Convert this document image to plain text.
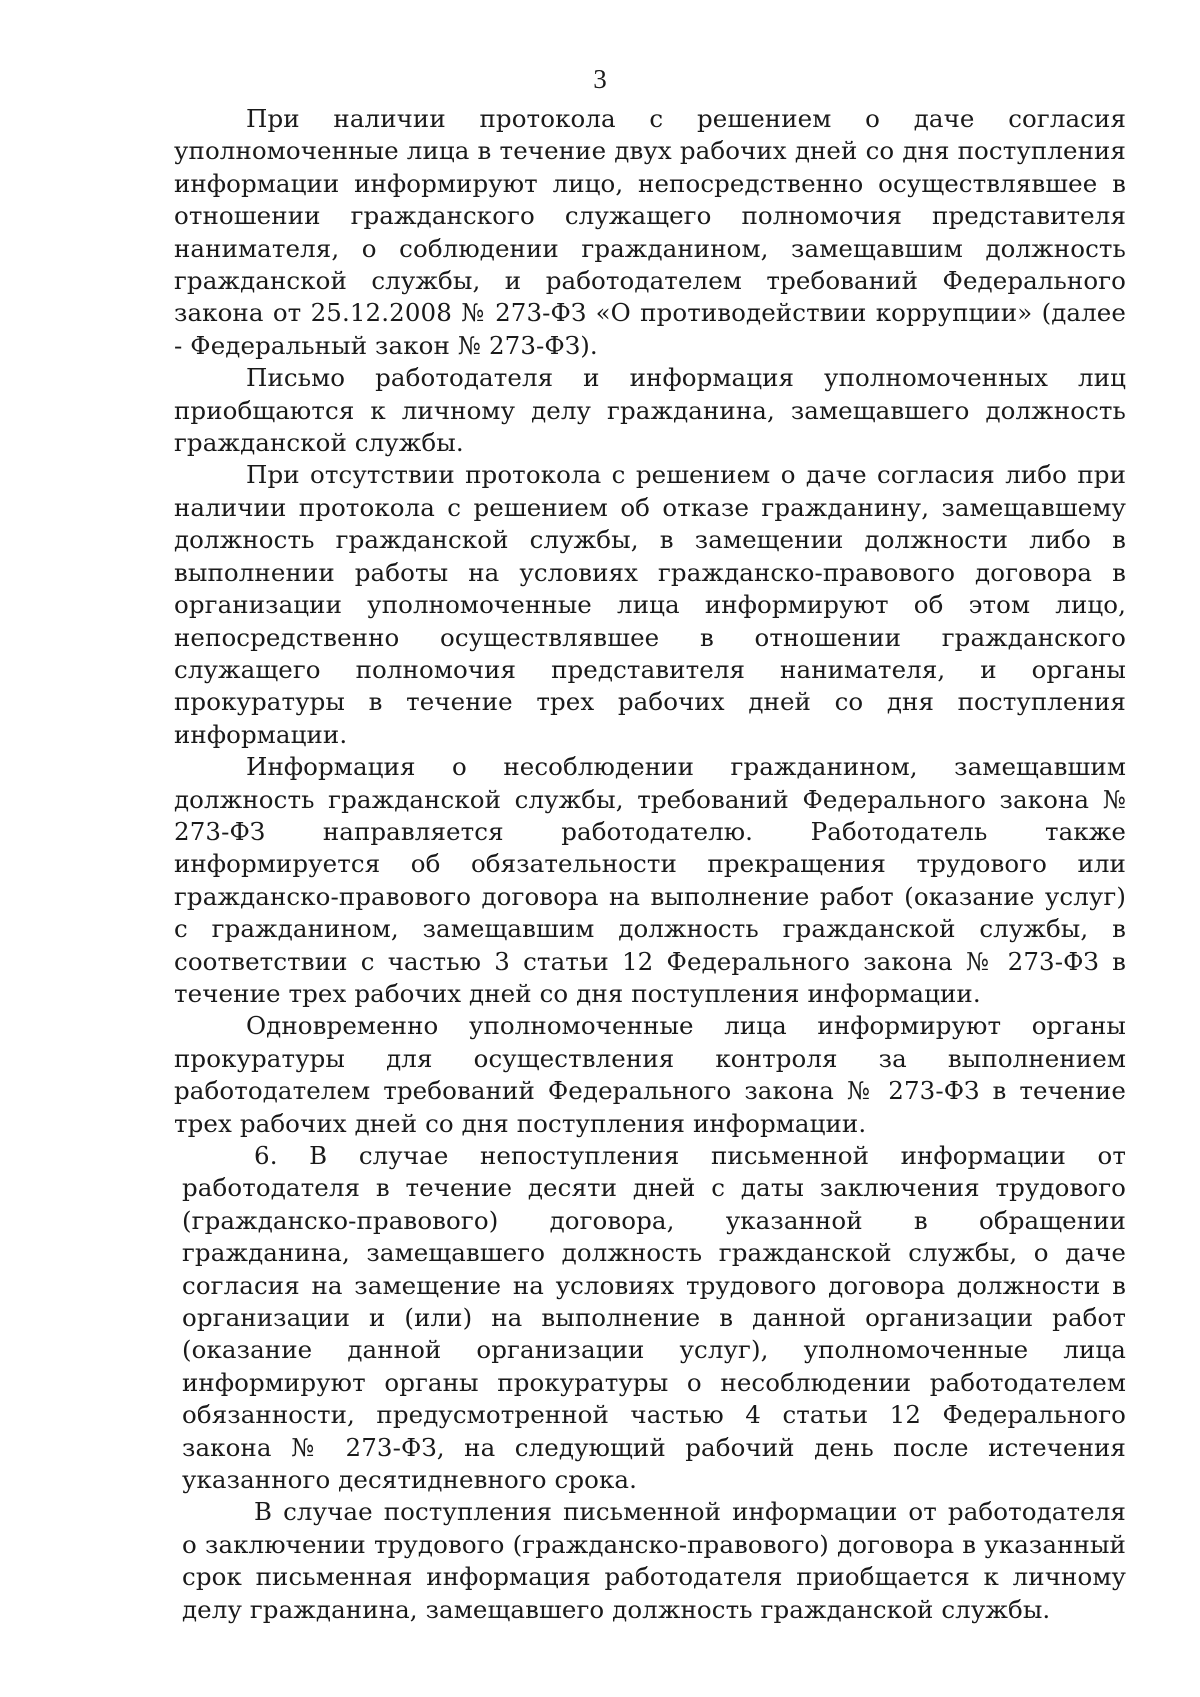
3

При наличии протокола с решением о даче согласия уполномоченные лица в течение двух рабочих дней со дня поступления информации информируют лицо, непосредственно осуществлявшее в отношении гражданского служащего полномочия представителя нанимателя, о соблюдении гражданином, замещавшим должность гражданской службы, и работодателем требований Федерального закона от 25.12.2008 № 273-ФЗ «О противодействии коррупции» (далее - Федеральный закон № 273-ФЗ).

Письмо работодателя и информация уполномоченных лиц приобщаются к личному делу гражданина, замещавшего должность гражданской службы.

При отсутствии протокола с решением о даче согласия либо при наличии протокола с решением об отказе гражданину, замещавшему должность гражданской службы, в замещении должности либо в выполнении работы на условиях гражданско-правового договора в организации уполномоченные лица информируют об этом лицо, непосредственно осуществлявшее в отношении гражданского служащего полномочия представителя нанимателя, и органы прокуратуры в течение трех рабочих дней со дня поступления информации.

Информация о несоблюдении гражданином, замещавшим должность гражданской службы, требований Федерального закона № 273-ФЗ направляется работодателю. Работодатель также информируется об обязательности прекращения трудового или гражданско-правового договора на выполнение работ (оказание услуг) с гражданином, замещавшим должность гражданской службы, в соответствии с частью 3 статьи 12 Федерального закона № 273-ФЗ в течение трех рабочих дней со дня поступления информации.

Одновременно уполномоченные лица информируют органы прокуратуры для осуществления контроля за выполнением работодателем требований Федерального закона № 273-ФЗ в течение трех рабочих дней со дня поступления информации.

6. В случае непоступления письменной информации от работодателя в течение десяти дней с даты заключения трудового (гражданско-правового) договора, указанной в обращении гражданина, замещавшего должность гражданской службы, о даче согласия на замещение на условиях трудового договора должности в организации и (или) на выполнение в данной организации работ (оказание данной организации услуг), уполномоченные лица информируют органы прокуратуры о несоблюдении работодателем обязанности, предусмотренной частью 4 статьи 12 Федерального закона № 273-ФЗ, на следующий рабочий день после истечения указанного десятидневного срока.

В случае поступления письменной информации от работодателя о заключении трудового (гражданско-правового) договора в указанный срок письменная информация работодателя приобщается к личному делу гражданина, замещавшего должность гражданской службы.
